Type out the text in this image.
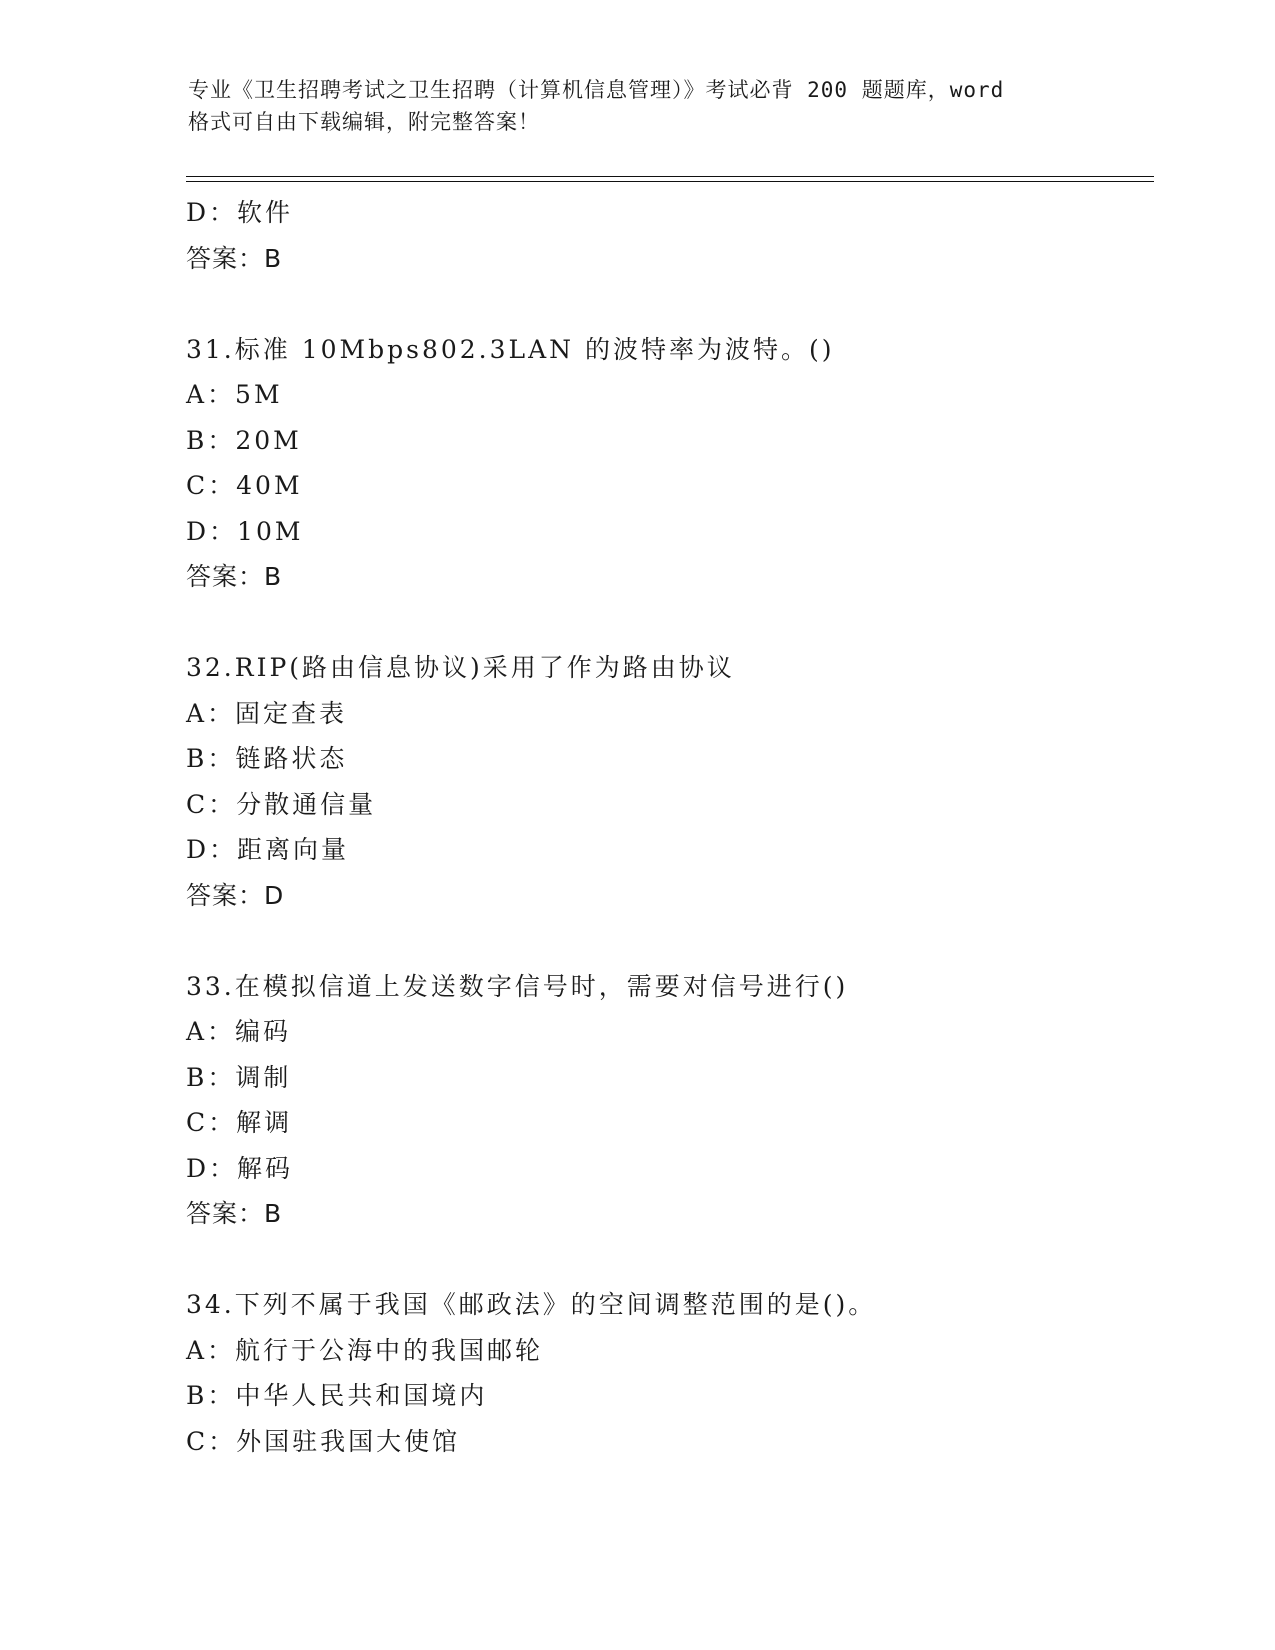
专业《卫生招聘考试之卫生招聘（计算机信息管理）》考试必背 200 题题库，word
格式可自由下载编辑，附完整答案！
D：软件
答案：B
31.标准 10Mbps802.3LAN 的波特率为波特。()
A：5M
B：20M
C：40M
D：10M
答案：B
32.RIP(路由信息协议)采用了作为路由协议
A：固定查表
B：链路状态
C：分散通信量
D：距离向量
答案：D
33.在模拟信道上发送数字信号时，需要对信号进行()
A：编码
B：调制
C：解调
D：解码
答案：B
34.下列不属于我国《邮政法》的空间调整范围的是()。
A：航行于公海中的我国邮轮
B：中华人民共和国境内
C：外国驻我国大使馆
